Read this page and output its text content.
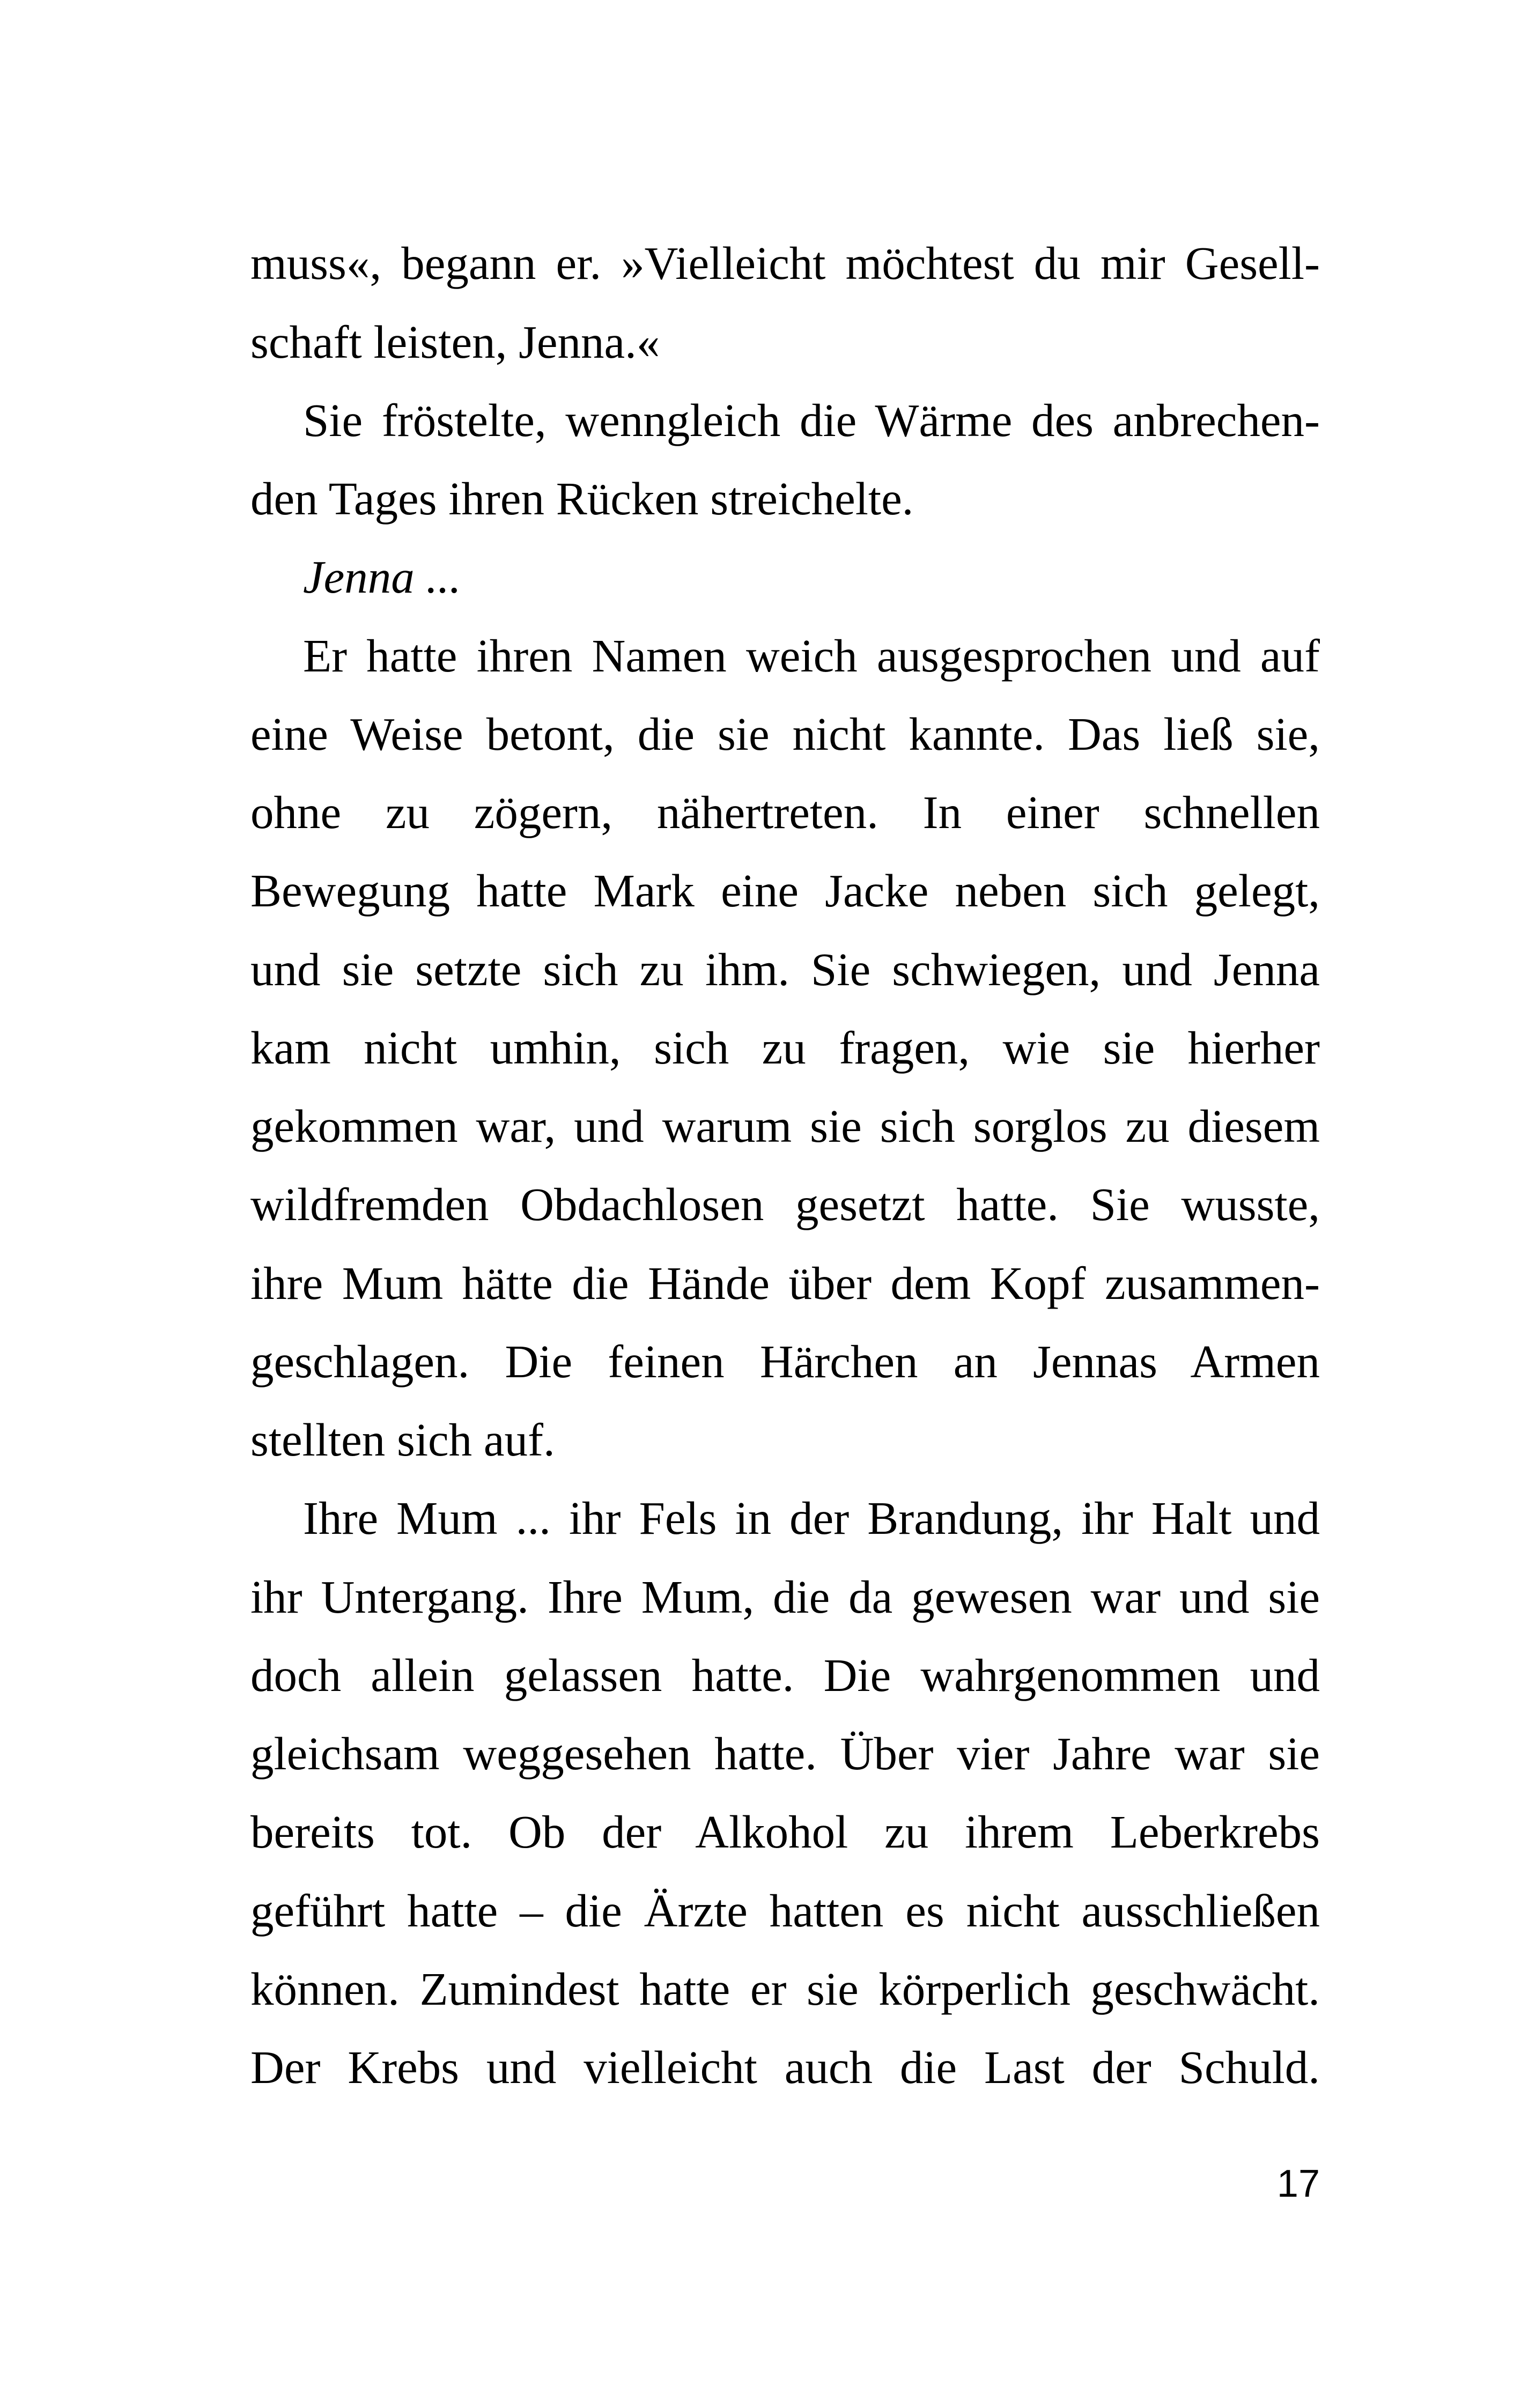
muss«, begann er. »Vielleicht möchtest du mir Gesell-
schaft leisten, Jenna.«
Sie fröstelte, wenngleich die Wärme des anbrechen-
den Tages ihren Rücken streichelte.
Jenna ...
Er hatte ihren Namen weich ausgesprochen und auf
eine Weise betont, die sie nicht kannte. Das ließ sie,
ohne zu zögern, nähertreten. In einer schnellen
Bewegung hatte Mark eine Jacke neben sich gelegt,
und sie setzte sich zu ihm. Sie schwiegen, und Jenna
kam nicht umhin, sich zu fragen, wie sie hierher
gekommen war, und warum sie sich sorglos zu diesem
wildfremden Obdachlosen gesetzt hatte. Sie wusste,
ihre Mum hätte die Hände über dem Kopf zusammen-
geschlagen. Die feinen Härchen an Jennas Armen
stellten sich auf.
Ihre Mum ... ihr Fels in der Brandung, ihr Halt und
ihr Untergang. Ihre Mum, die da gewesen war und sie
doch allein gelassen hatte. Die wahrgenommen und
gleichsam weggesehen hatte. Über vier Jahre war sie
bereits tot. Ob der Alkohol zu ihrem Leberkrebs
geführt hatte – die Ärzte hatten es nicht ausschließen
können. Zumindest hatte er sie körperlich geschwächt.
Der Krebs und vielleicht auch die Last der Schuld.
17
